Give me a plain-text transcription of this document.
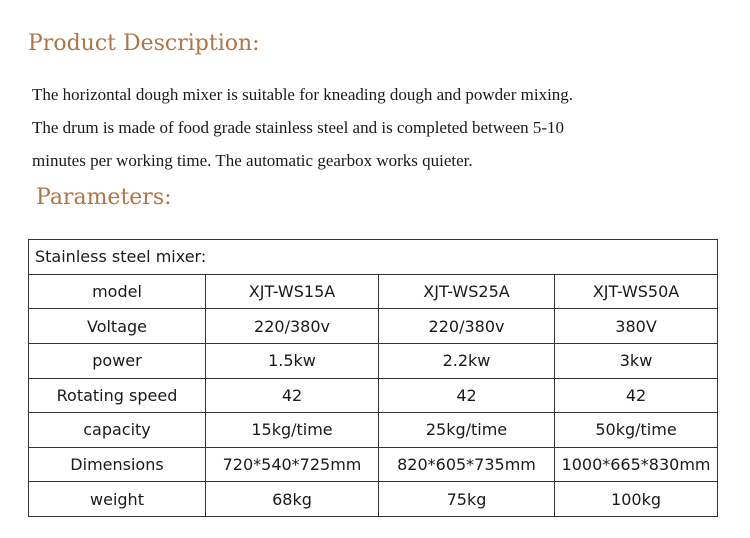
Product Description:

The horizontal dough mixer is suitable for kneading dough and powder mixing.

The drum is made of food grade stainless steel and is completed between 5-10

minutes per working time. The automatic gearbox works quieter.

Parameters:
Stainless steel mixer:			
model	XJT-WS15A	XJT-WS25A	XJT-WS50A
Voltage	220/380v	220/380v	380V
power	1.5kw	2.2kw	3kw
Rotating speed	42	42	42
capacity	15kg/time	25kg/time	50kg/time
Dimensions	720*540*725mm	820*605*735mm	1000*665*830mm
weight	68kg	75kg	100kg
